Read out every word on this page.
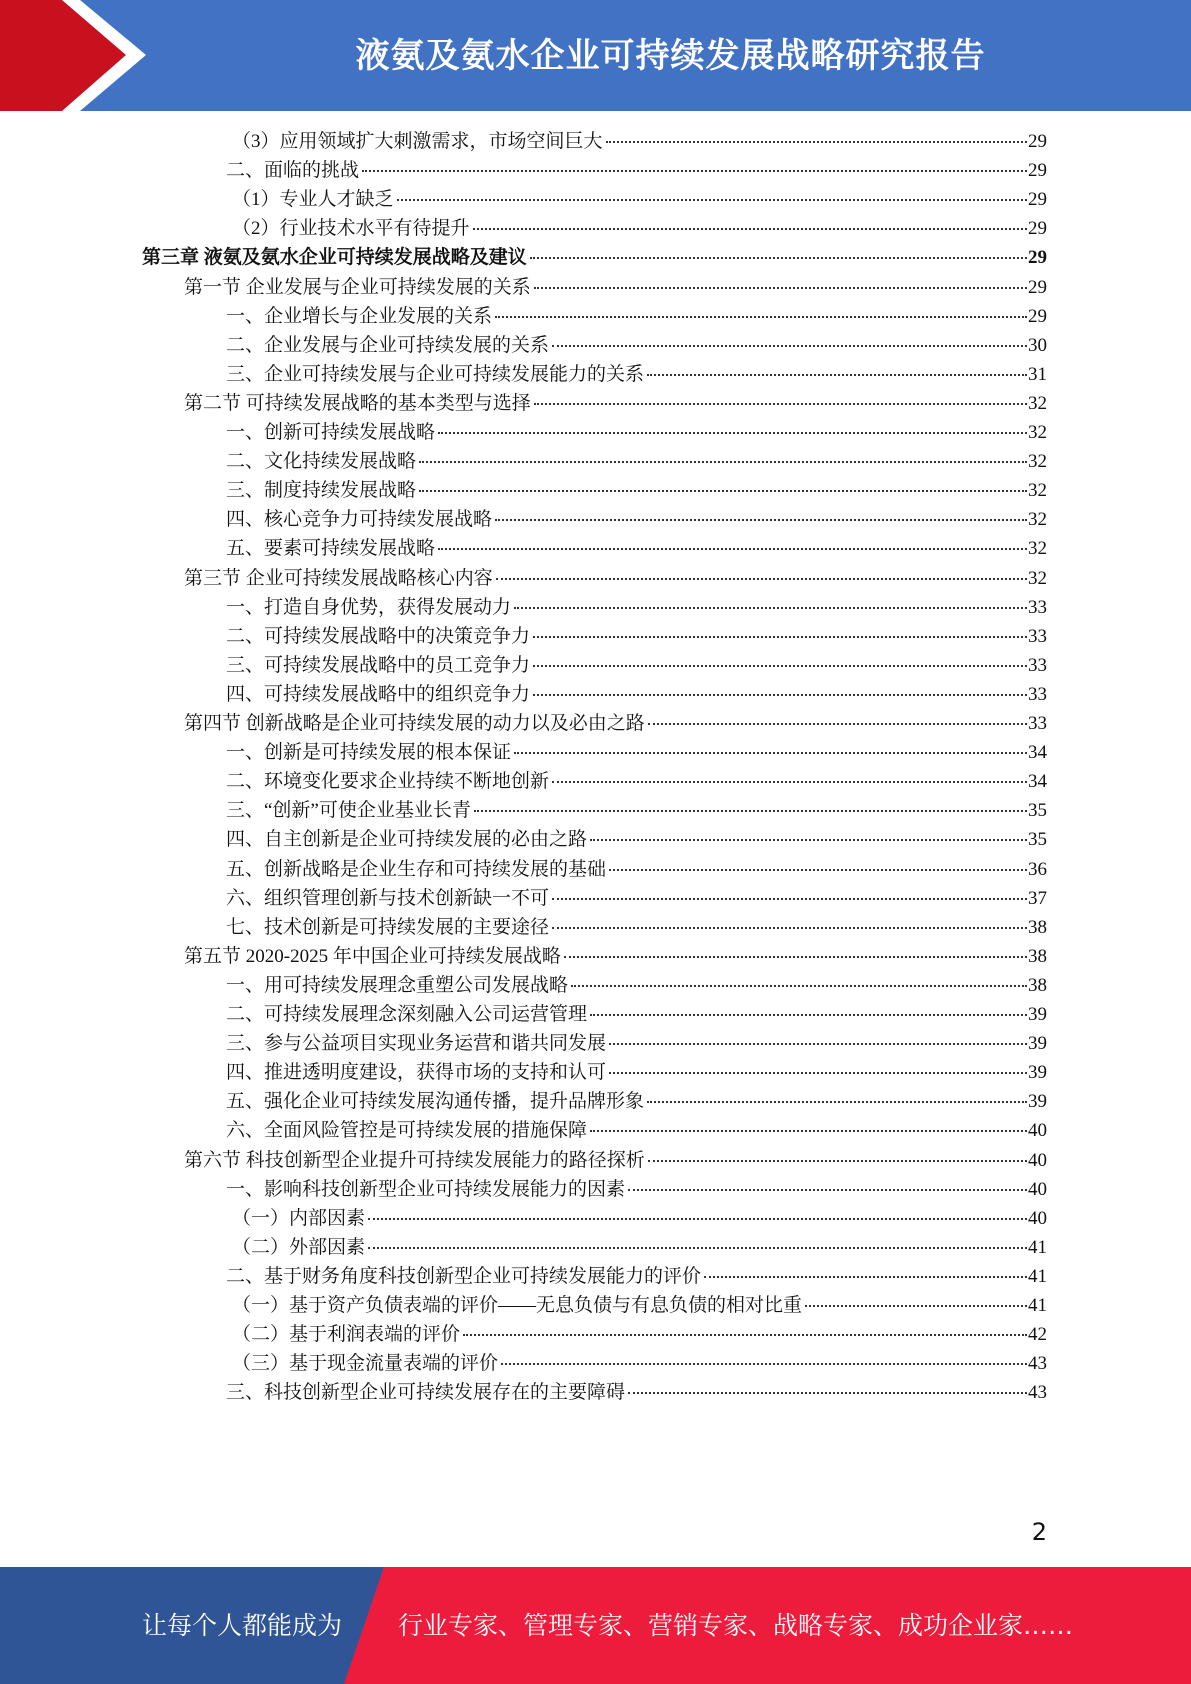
液氨及氨水企业可持续发展战略研究报告
（3）应用领域扩大刺激需求，市场空间巨大	29
二、面临的挑战	29
（1）专业人才缺乏	29
（2）行业技术水平有待提升	29
第三章 液氨及氨水企业可持续发展战略及建议	29
第一节 企业发展与企业可持续发展的关系	29
一、企业增长与企业发展的关系	29
二、企业发展与企业可持续发展的关系	30
三、企业可持续发展与企业可持续发展能力的关系	31
第二节 可持续发展战略的基本类型与选择	32
一、创新可持续发展战略	32
二、文化持续发展战略	32
三、制度持续发展战略	32
四、核心竞争力可持续发展战略	32
五、要素可持续发展战略	32
第三节 企业可持续发展战略核心内容	32
一、打造自身优势，获得发展动力	33
二、可持续发展战略中的决策竞争力	33
三、可持续发展战略中的员工竞争力	33
四、可持续发展战略中的组织竞争力	33
第四节 创新战略是企业可持续发展的动力以及必由之路	33
一、创新是可持续发展的根本保证	34
二、环境变化要求企业持续不断地创新	34
三、“创新”可使企业基业长青	35
四、自主创新是企业可持续发展的必由之路	35
五、创新战略是企业生存和可持续发展的基础	36
六、组织管理创新与技术创新缺一不可	37
七、技术创新是可持续发展的主要途径	38
第五节 2020-2025 年中国企业可持续发展战略	38
一、用可持续发展理念重塑公司发展战略	38
二、可持续发展理念深刻融入公司运营管理	39
三、参与公益项目实现业务运营和谐共同发展	39
四、推进透明度建设，获得市场的支持和认可	39
五、强化企业可持续发展沟通传播，提升品牌形象	39
六、全面风险管控是可持续发展的措施保障	40
第六节 科技创新型企业提升可持续发展能力的路径探析	40
一、影响科技创新型企业可持续发展能力的因素	40
（一）内部因素	40
（二）外部因素	41
二、基于财务角度科技创新型企业可持续发展能力的评价	41
（一）基于资产负债表端的评价——无息负债与有息负债的相对比重	41
（二）基于利润表端的评价	42
（三）基于现金流量表端的评价	43
三、科技创新型企业可持续发展存在的主要障碍	43
2
让每个人都能成为 行业专家、管理专家、营销专家、战略专家、成功企业家……
